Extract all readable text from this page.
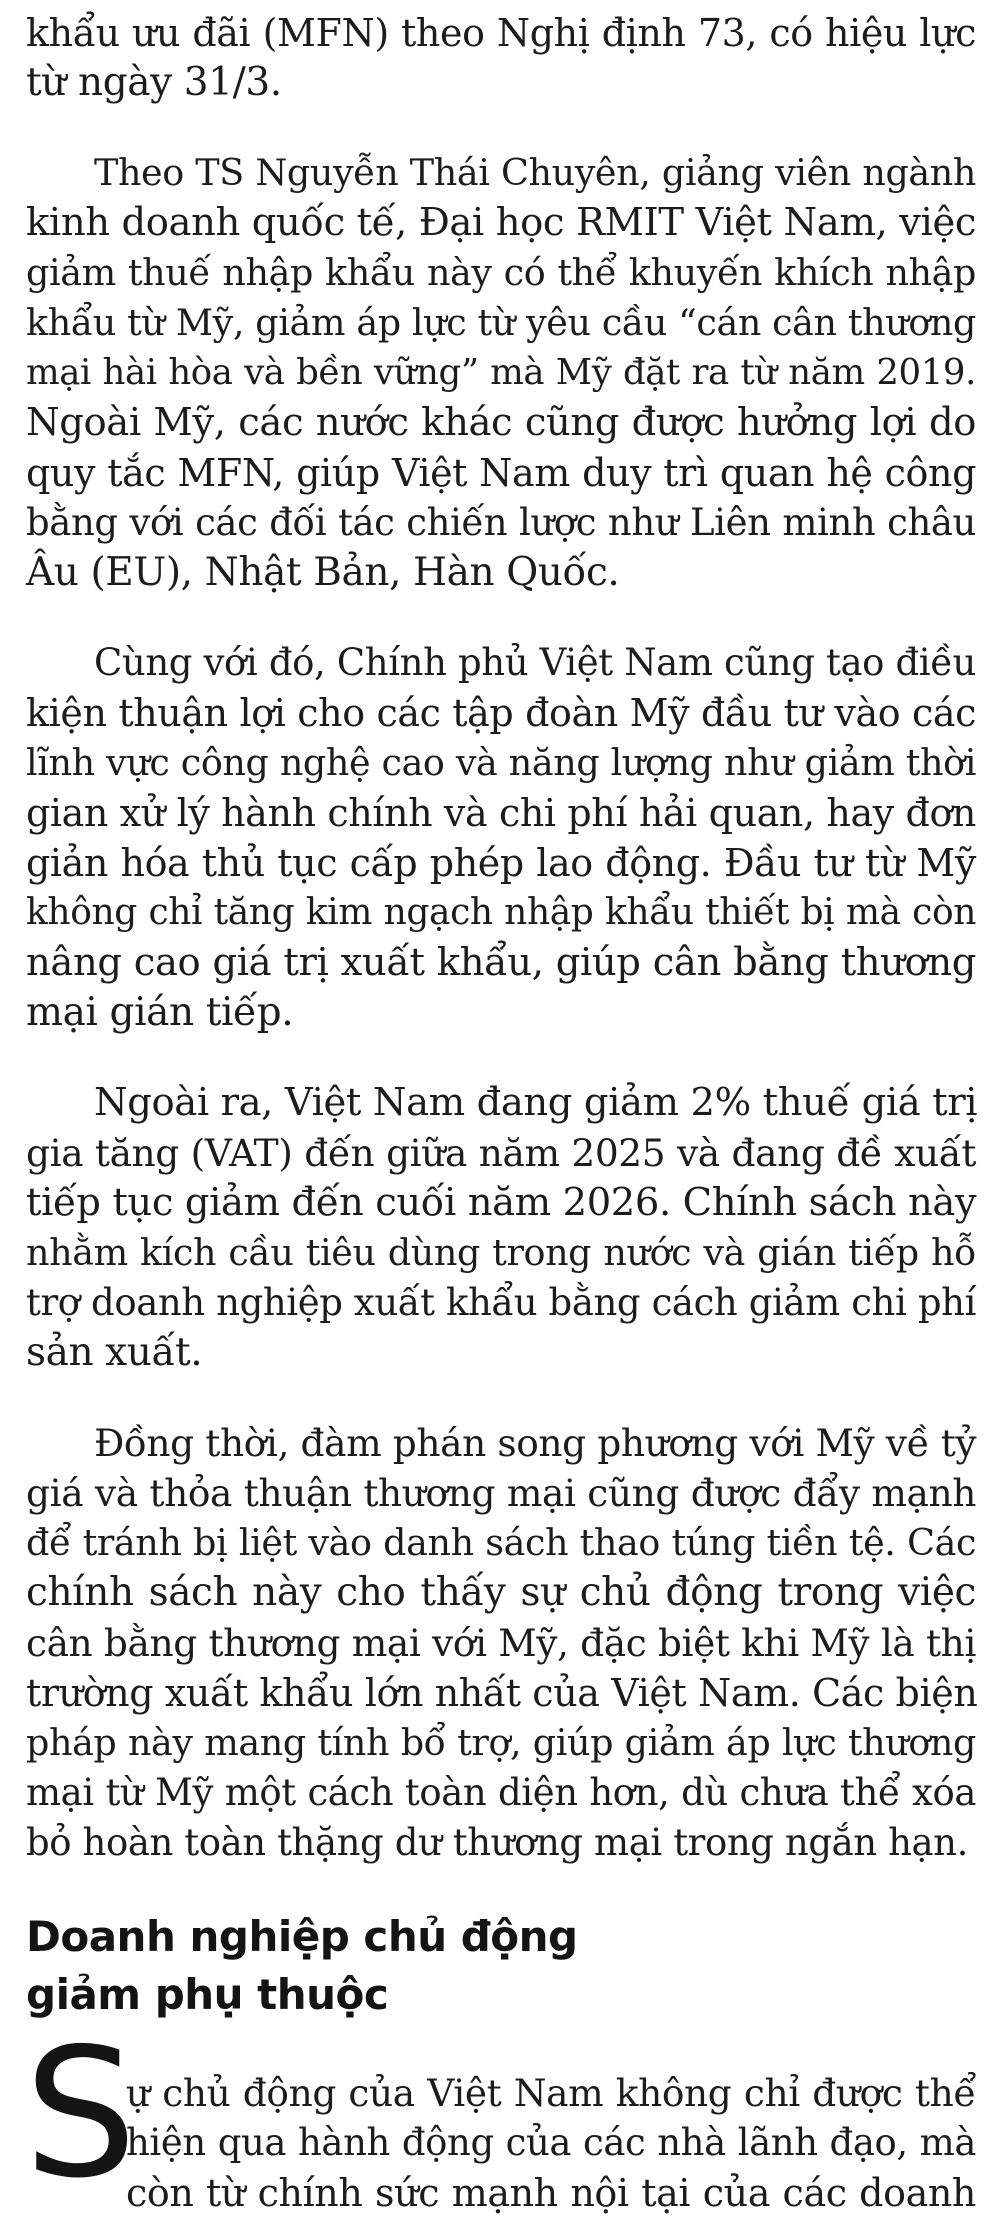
khẩu ưu đãi (MFN) theo Nghị định 73, có hiệu lực
từ ngày 31/3.
Theo TS Nguyễn Thái Chuyên, giảng viên ngành
kinh doanh quốc tế, Đại học RMIT Việt Nam, việc
giảm thuế nhập khẩu này có thể khuyến khích nhập
khẩu từ Mỹ, giảm áp lực từ yêu cầu “cán cân thương
mại hài hòa và bền vững” mà Mỹ đặt ra từ năm 2019.
Ngoài Mỹ, các nước khác cũng được hưởng lợi do
quy tắc MFN, giúp Việt Nam duy trì quan hệ công
bằng với các đối tác chiến lược như Liên minh châu
Âu (EU), Nhật Bản, Hàn Quốc.
Cùng với đó, Chính phủ Việt Nam cũng tạo điều
kiện thuận lợi cho các tập đoàn Mỹ đầu tư vào các
lĩnh vực công nghệ cao và năng lượng như giảm thời
gian xử lý hành chính và chi phí hải quan, hay đơn
giản hóa thủ tục cấp phép lao động. Đầu tư từ Mỹ
không chỉ tăng kim ngạch nhập khẩu thiết bị mà còn
nâng cao giá trị xuất khẩu, giúp cân bằng thương
mại gián tiếp.
Ngoài ra, Việt Nam đang giảm 2% thuế giá trị
gia tăng (VAT) đến giữa năm 2025 và đang đề xuất
tiếp tục giảm đến cuối năm 2026. Chính sách này
nhằm kích cầu tiêu dùng trong nước và gián tiếp hỗ
trợ doanh nghiệp xuất khẩu bằng cách giảm chi phí
sản xuất.
Đồng thời, đàm phán song phương với Mỹ về tỷ
giá và thỏa thuận thương mại cũng được đẩy mạnh
để tránh bị liệt vào danh sách thao túng tiền tệ. Các
chính sách này cho thấy sự chủ động trong việc
cân bằng thương mại với Mỹ, đặc biệt khi Mỹ là thị
trường xuất khẩu lớn nhất của Việt Nam. Các biện
pháp này mang tính bổ trợ, giúp giảm áp lực thương
mại từ Mỹ một cách toàn diện hơn, dù chưa thể xóa
bỏ hoàn toàn thặng dư thương mại trong ngắn hạn.
Doanh nghiệp chủ động
giảm phụ thuộc
S
ự chủ động của Việt Nam không chỉ được thể
hiện qua hành động của các nhà lãnh đạo, mà
còn từ chính sức mạnh nội tại của các doanh
